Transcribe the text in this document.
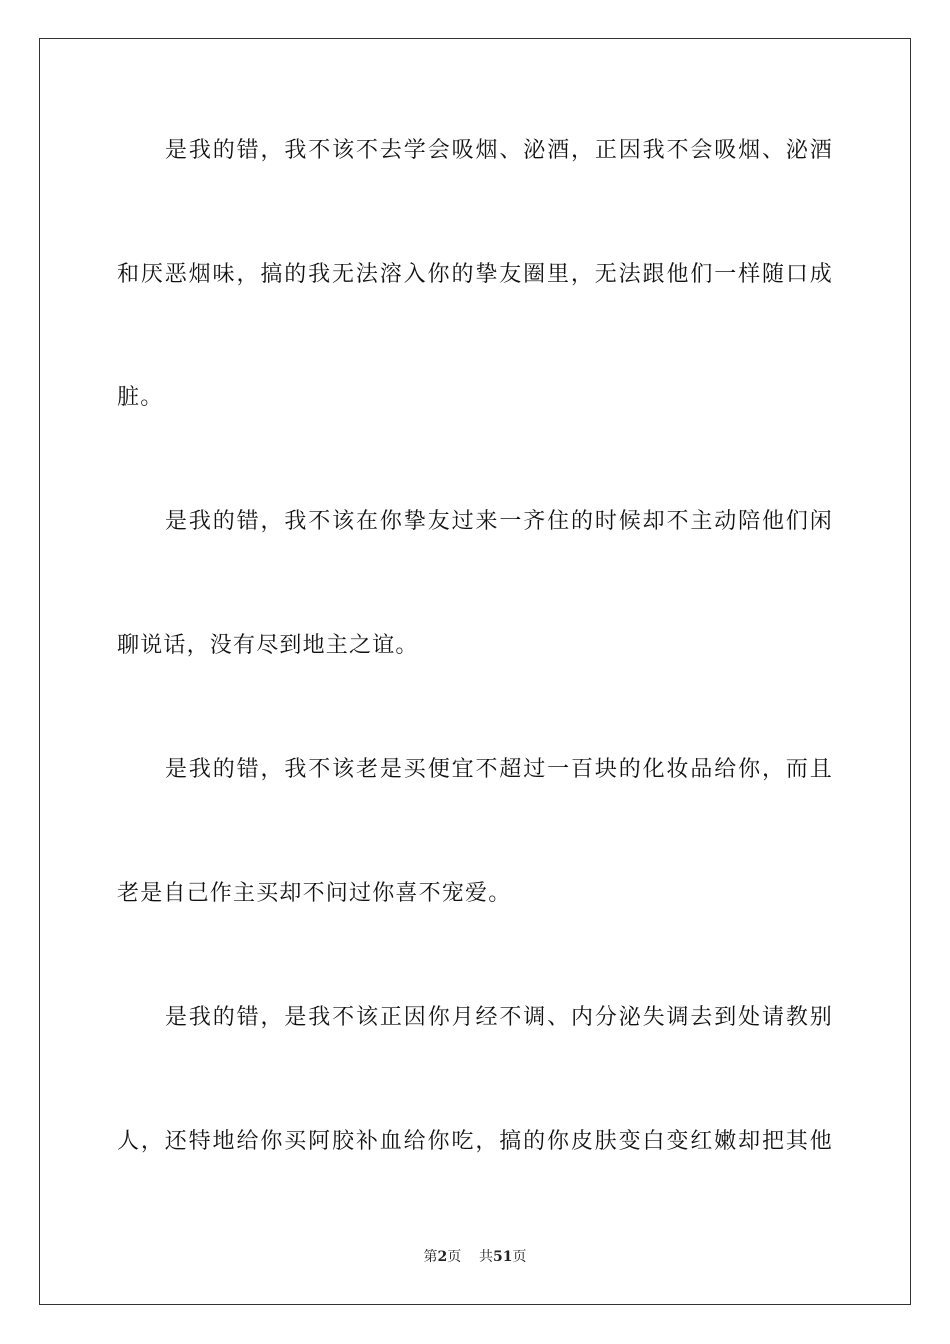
是我的错，我不该不去学会吸烟、泌酒，正因我不会吸烟、泌酒
和厌恶烟味，搞的我无法溶入你的挚友圈里，无法跟他们一样随口成
脏。
是我的错，我不该在你挚友过来一齐住的时候却不主动陪他们闲
聊说话，没有尽到地主之谊。
是我的错，我不该老是买便宜不超过一百块的化妆品给你，而且
老是自己作主买却不问过你喜不宠爱。
是我的错，是我不该正因你月经不调、内分泌失调去到处请教别
人，还特地给你买阿胶补血给你吃，搞的你皮肤变白变红嫩却把其他
第2页 共51页
